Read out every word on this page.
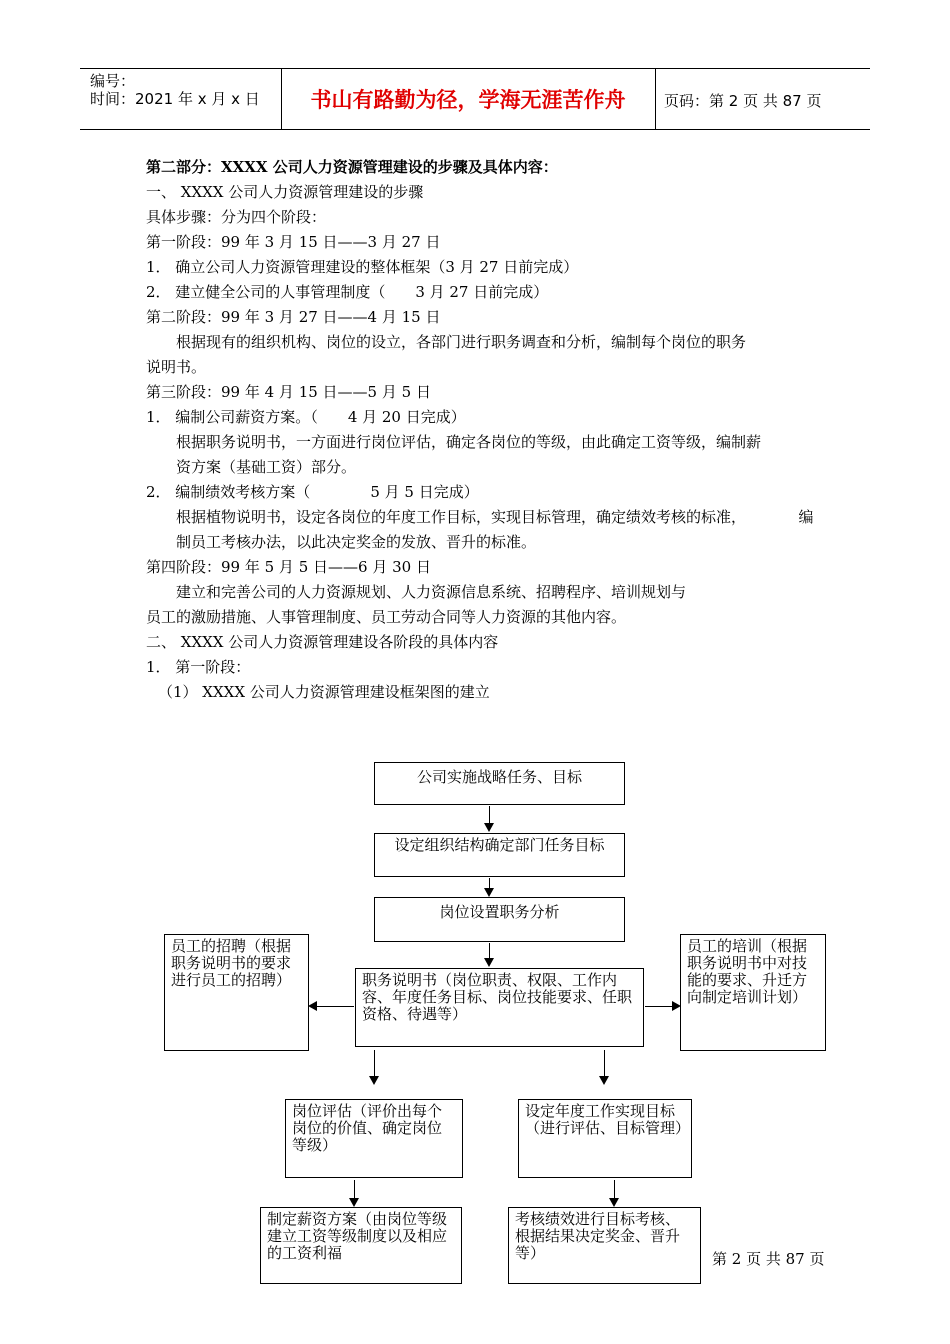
编号：
时间：2021 年 x 月 x 日	书山有路勤为径，学海无涯苦作舟	页码：第 2 页 共 87 页
第二部分：XXXX 公司人力资源管理建设的步骤及具体内容：
一、 XXXX 公司人力资源管理建设的步骤
具体步骤：分为四个阶段：
第一阶段：99 年 3 月 15 日——3 月 27 日
1． 确立公司人力资源管理建设的整体框架（3 月 27 日前完成）
2． 建立健全公司的人事管理制度（　　3 月 27 日前完成）
第二阶段：99 年 3 月 27 日——4 月 15 日
根据现有的组织机构、岗位的设立，各部门进行职务调查和分析，编制每个岗位的职务
说明书。
第三阶段：99 年 4 月 15 日——5 月 5 日
1． 编制公司薪资方案。（　　4 月 20 日完成）
根据职务说明书，一方面进行岗位评估，确定各岗位的等级，由此确定工资等级，编制薪
资方案（基础工资）部分。
2． 编制绩效考核方案（　　　　5 月 5 日完成）
根据植物说明书，设定各岗位的年度工作目标，实现目标管理，确定绩效考核的标准，　　　　编
制员工考核办法，以此决定奖金的发放、晋升的标准。
第四阶段：99 年 5 月 5 日——6 月 30 日
建立和完善公司的人力资源规划、人力资源信息系统、招聘程序、培训规划与
员工的激励措施、人事管理制度、员工劳动合同等人力资源的其他内容。
二、 XXXX 公司人力资源管理建设各阶段的具体内容
1． 第一阶段：
（1） XXXX 公司人力资源管理建设框架图的建立
公司实施战略任务、目标
设定组织结构确定部门任务目标
岗位设置职务分析
员工的招聘（根据职务说明书的要求进行员工的招聘）	职务说明书（岗位职责、权限、工作内容、年度任务目标、岗位技能要求、任职资格、待遇等）
员工的培训（根据职务说明书中对技能的要求、升迁方向制定培训计划）
岗位评估（评价出每个岗位的价值、确定岗位等级）
设定年度工作实现目标（进行评估、目标管理）
制定薪资方案（由岗位等级建立工资等级制度以及相应的工资利福
考核绩效进行目标考核、根据结果决定奖金、晋升等）	第 2 页 共 87 页
